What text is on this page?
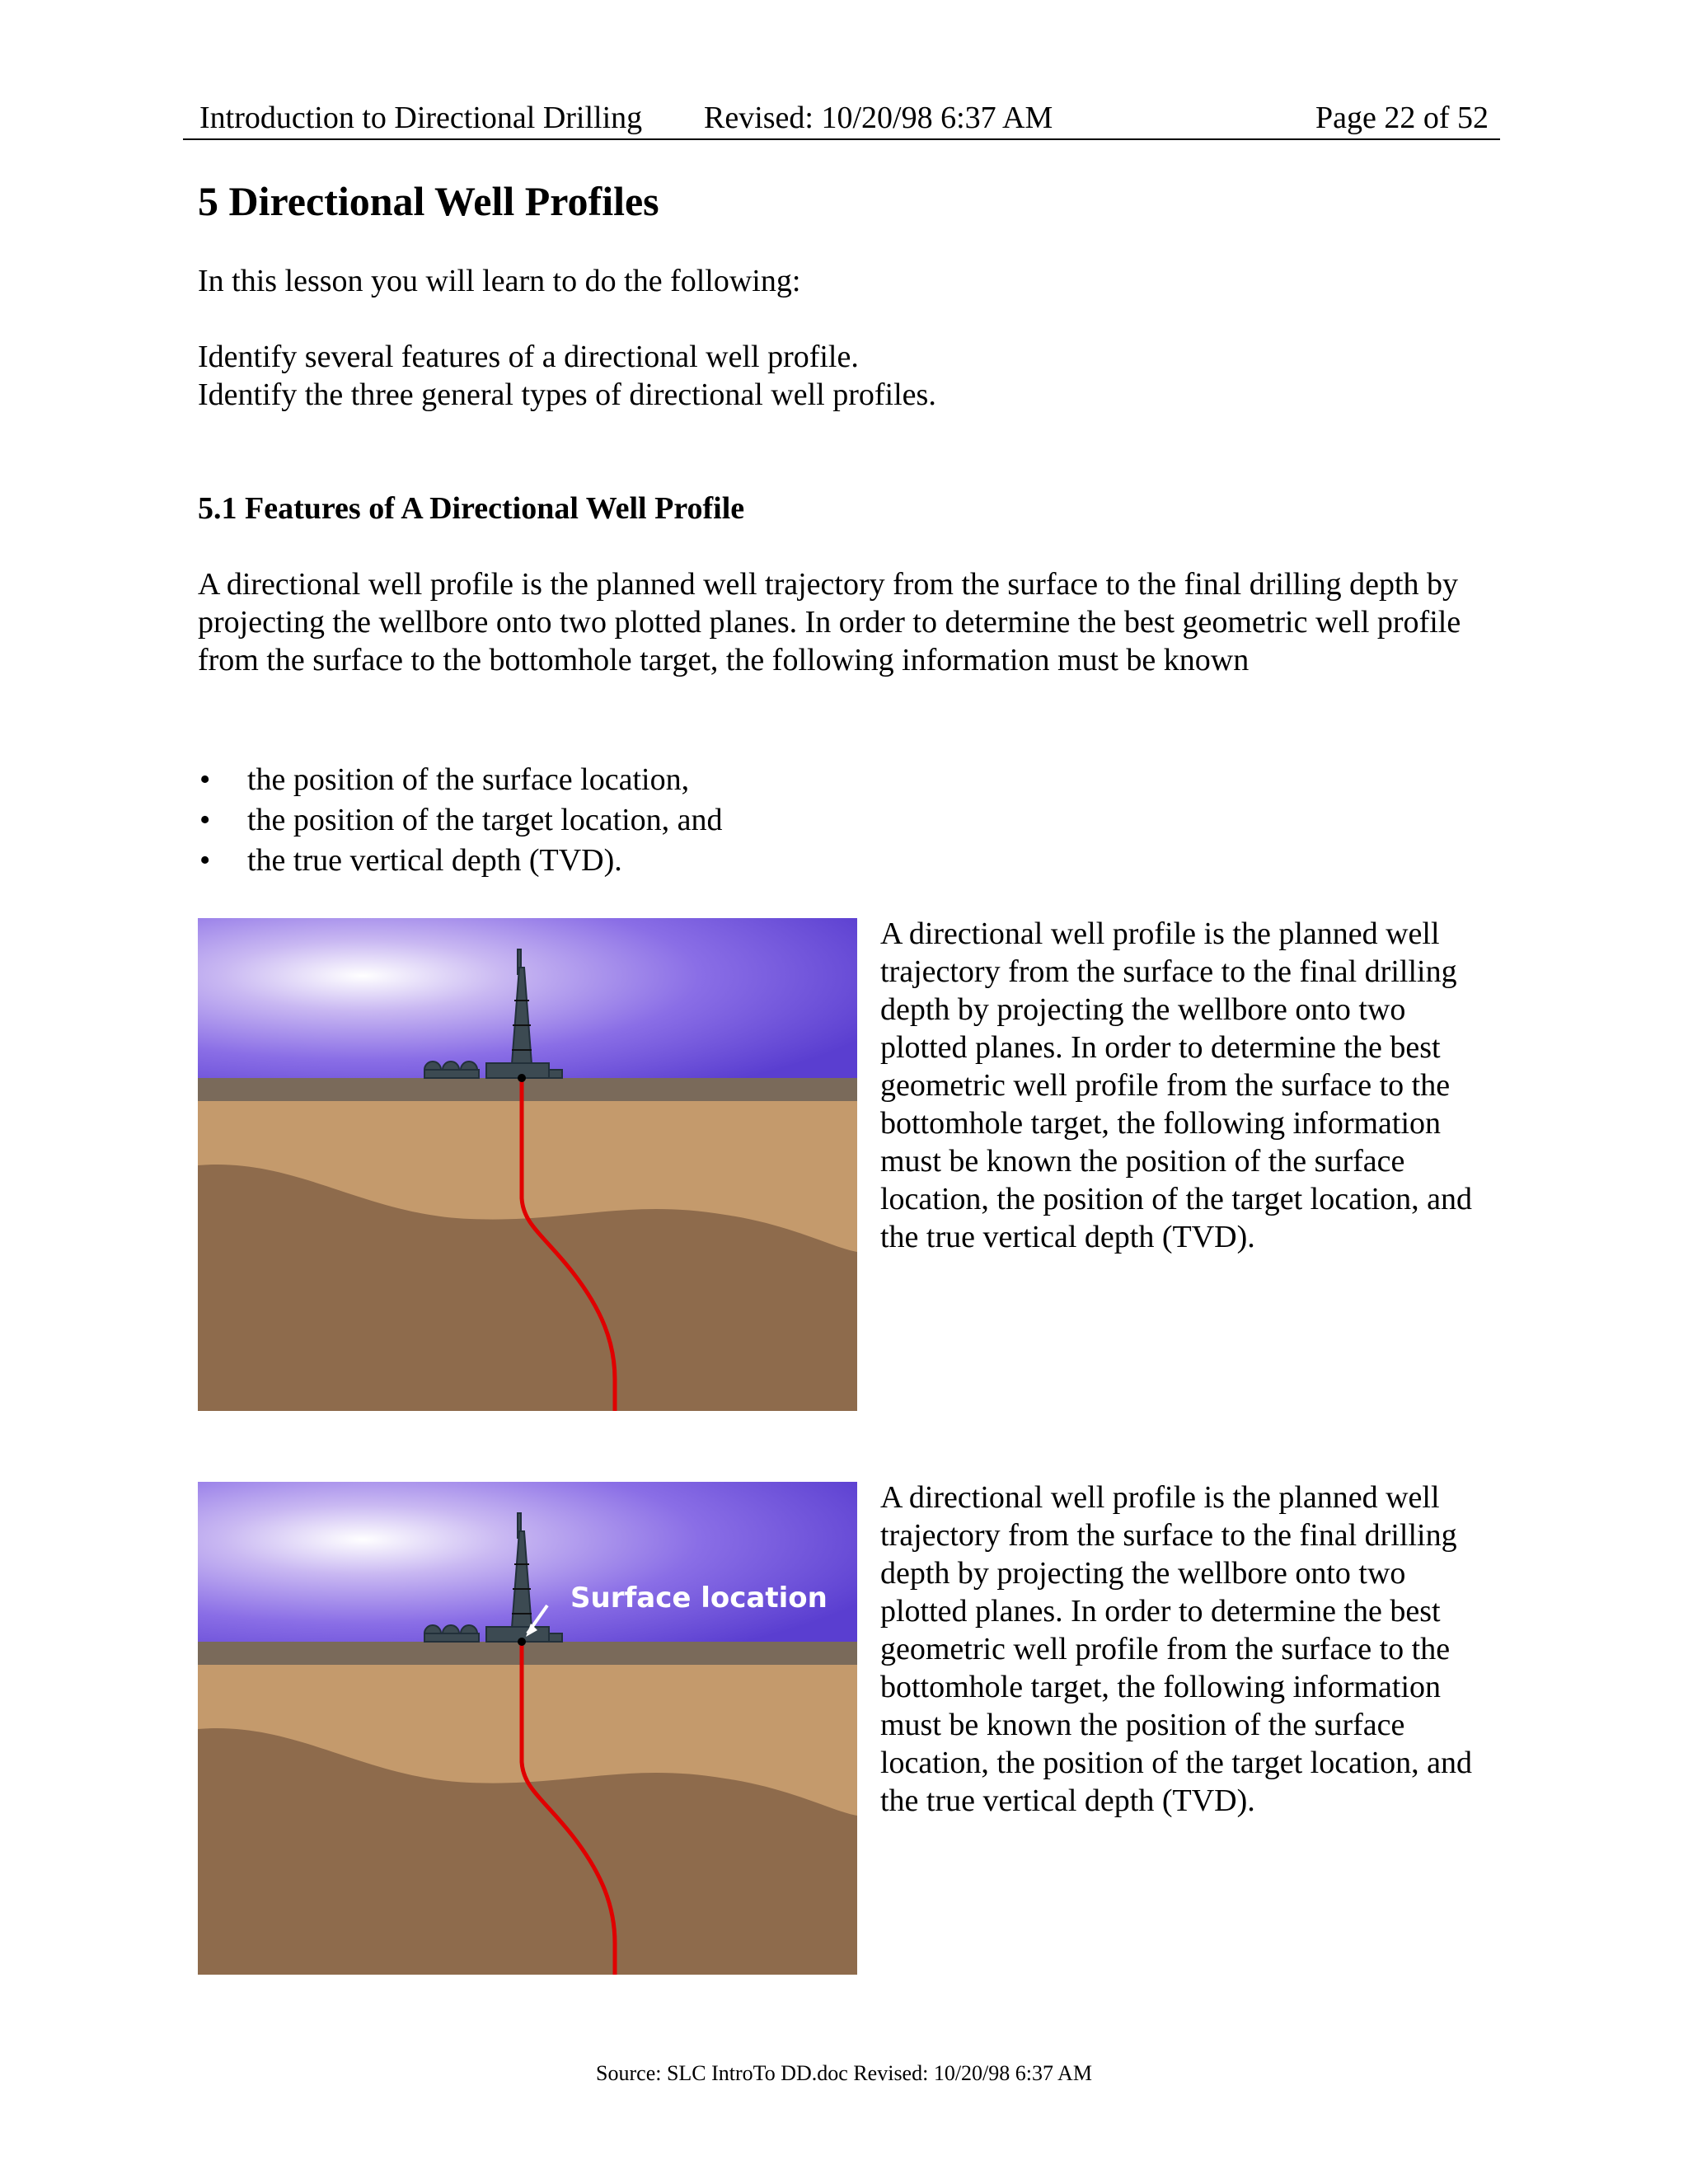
Introduction to Directional Drilling Revised: 10/20/98 6:37 AM	Page 22 of 52
5 Directional Well Profiles

In this lesson you will learn to do the following:

Identify several features of a directional well profile.

Identify the three general types of directional well profiles.

5.1 Features of A Directional Well Profile

A directional well profile is the planned well trajectory from the surface to the final drilling depth by projecting the wellbore onto two plotted planes. In order to determine the best geometric well profile from the surface to the bottomhole target, the following information must be known

• the position of the surface location,
• the position of the target location, and
• the true vertical depth (TVD).

A directional well profile is the planned well trajectory from the surface to the final drilling depth by projecting the wellbore onto two plotted planes. In order to determine the best geometric well profile from the surface to the bottomhole target, the following information must be known the position of the surface location, the position of the target location, and the true vertical depth (TVD).

Surface location

A directional well profile is the planned well trajectory from the surface to the final drilling depth by projecting the wellbore onto two plotted planes. In order to determine the best geometric well profile from the surface to the bottomhole target, the following information must be known the position of the surface location, the position of the target location, and the true vertical depth (TVD).

Source: SLC IntroTo DD.doc Revised: 10/20/98 6:37 AM
